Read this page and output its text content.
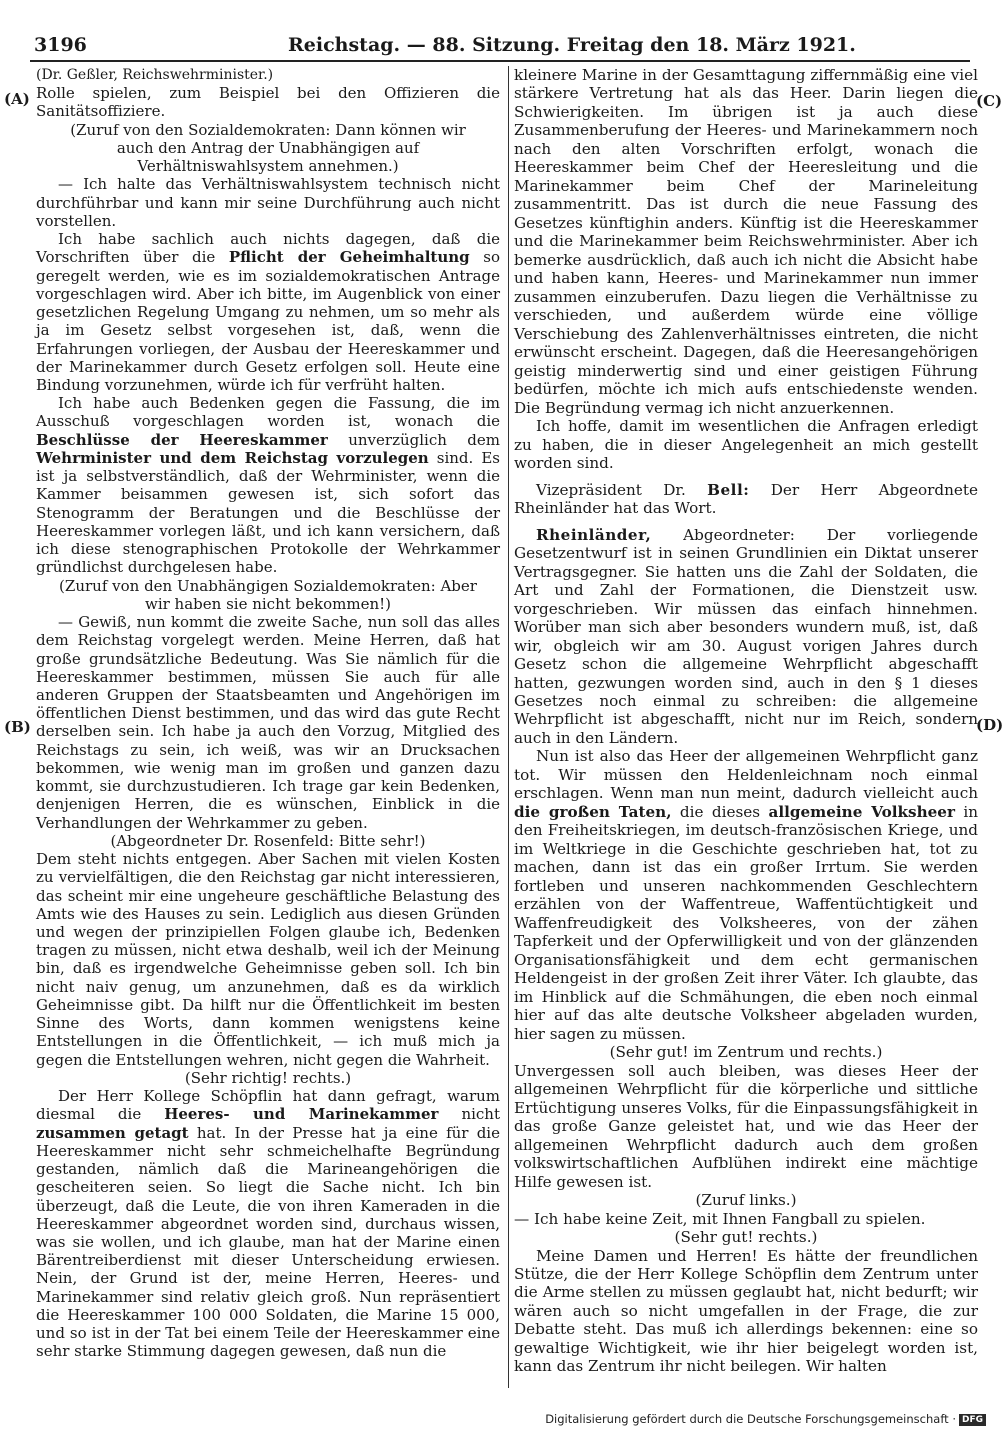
3196	Reichstag. — 88. Sitzung. Freitag den 18. März 1921.
(A)
(B)
(C)
(D)

(Dr. Geßler, Reichswehrminister.)

Rolle spielen, zum Beispiel bei den Offizieren die Sanitätsoffiziere.

(Zuruf von den Sozialdemokraten: Dann können wir auch den Antrag der Unabhängigen auf Verhältniswahlsystem annehmen.)

— Ich halte das Verhältniswahlsystem technisch nicht durchführbar und kann mir seine Durchführung auch nicht vorstellen.

Ich habe sachlich auch nichts dagegen, daß die Vorschriften über die Pflicht der Geheimhaltung so geregelt werden, wie es im sozialdemokratischen Antrage vorgeschlagen wird. Aber ich bitte, im Augenblick von einer gesetzlichen Regelung Umgang zu nehmen, um so mehr als ja im Gesetz selbst vorgesehen ist, daß, wenn die Erfahrungen vorliegen, der Ausbau der Heereskammer und der Marinekammer durch Gesetz erfolgen soll. Heute eine Bindung vorzunehmen, würde ich für verfrüht halten.

Ich habe auch Bedenken gegen die Fassung, die im Ausschuß vorgeschlagen worden ist, wonach die Beschlüsse der Heereskammer unverzüglich dem Wehrminister und dem Reichstag vorzulegen sind. Es ist ja selbstverständlich, daß der Wehrminister, wenn die Kammer beisammen gewesen ist, sich sofort das Stenogramm der Beratungen und die Beschlüsse der Heereskammer vorlegen läßt, und ich kann versichern, daß ich diese stenographischen Protokolle der Wehrkammer gründlichst durchgelesen habe.

(Zuruf von den Unabhängigen Sozialdemokraten: Aber wir haben sie nicht bekommen!)

— Gewiß, nun kommt die zweite Sache, nun soll das alles dem Reichstag vorgelegt werden. Meine Herren, daß hat große grundsätzliche Bedeutung. Was Sie nämlich für die Heereskammer bestimmen, müssen Sie auch für alle anderen Gruppen der Staatsbeamten und Angehörigen im öffentlichen Dienst bestimmen, und das wird das gute Recht derselben sein. Ich habe ja auch den Vorzug, Mitglied des Reichstags zu sein, ich weiß, was wir an Drucksachen bekommen, wie wenig man im großen und ganzen dazu kommt, sie durchzustudieren. Ich trage gar kein Bedenken, denjenigen Herren, die es wünschen, Einblick in die Verhandlungen der Wehrkammer zu geben.

(Abgeordneter Dr. Rosenfeld: Bitte sehr!)

Dem steht nichts entgegen. Aber Sachen mit vielen Kosten zu vervielfältigen, die den Reichstag gar nicht interessieren, das scheint mir eine ungeheure geschäftliche Belastung des Amts wie des Hauses zu sein. Lediglich aus diesen Gründen und wegen der prinzipiellen Folgen glaube ich, Bedenken tragen zu müssen, nicht etwa deshalb, weil ich der Meinung bin, daß es irgendwelche Geheimnisse geben soll. Ich bin nicht naiv genug, um anzunehmen, daß es da wirklich Geheimnisse gibt. Da hilft nur die Öffentlichkeit im besten Sinne des Worts, dann kommen wenigstens keine Entstellungen in die Öffentlichkeit, — ich muß mich ja gegen die Entstellungen wehren, nicht gegen die Wahrheit.

(Sehr richtig! rechts.)

Der Herr Kollege Schöpflin hat dann gefragt, warum diesmal die Heeres- und Marinekammer nicht zusammen getagt hat. In der Presse hat ja eine für die Heereskammer nicht sehr schmeichelhafte Begründung gestanden, nämlich daß die Marineangehörigen die gescheiteren seien. So liegt die Sache nicht. Ich bin überzeugt, daß die Leute, die von ihren Kameraden in die Heereskammer abgeordnet worden sind, durchaus wissen, was sie wollen, und ich glaube, man hat der Marine einen Bärentreiberdienst mit dieser Unterscheidung erwiesen. Nein, der Grund ist der, meine Herren, Heeres- und Marinekammer sind relativ gleich groß. Nun repräsentiert die Heereskammer 100 000 Soldaten, die Marine 15 000, und so ist in der Tat bei einem Teile der Heereskammer eine sehr starke Stimmung dagegen gewesen, daß nun die

kleinere Marine in der Gesamttagung ziffernmäßig eine viel stärkere Vertretung hat als das Heer. Darin liegen die Schwierigkeiten. Im übrigen ist ja auch diese Zusammenberufung der Heeres- und Marinekammern noch nach den alten Vorschriften erfolgt, wonach die Heereskammer beim Chef der Heeresleitung und die Marinekammer beim Chef der Marineleitung zusammentritt. Das ist durch die neue Fassung des Gesetzes künftighin anders. Künftig ist die Heereskammer und die Marinekammer beim Reichswehrminister. Aber ich bemerke ausdrücklich, daß auch ich nicht die Absicht habe und haben kann, Heeres- und Marinekammer nun immer zusammen einzuberufen. Dazu liegen die Verhältnisse zu verschieden, und außerdem würde eine völlige Verschiebung des Zahlenverhältnisses eintreten, die nicht erwünscht erscheint. Dagegen, daß die Heeresangehörigen geistig minderwertig sind und einer geistigen Führung bedürfen, möchte ich mich aufs entschiedenste wenden. Die Begründung vermag ich nicht anzuerkennen.

Ich hoffe, damit im wesentlichen die Anfragen erledigt zu haben, die in dieser Angelegenheit an mich gestellt worden sind.

Vizepräsident Dr. Bell: Der Herr Abgeordnete Rheinländer hat das Wort.

Rheinländer, Abgeordneter: Der vorliegende Gesetzentwurf ist in seinen Grundlinien ein Diktat unserer Vertragsgegner. Sie hatten uns die Zahl der Soldaten, die Art und Zahl der Formationen, die Dienstzeit usw. vorgeschrieben. Wir müssen das einfach hinnehmen. Worüber man sich aber besonders wundern muß, ist, daß wir, obgleich wir am 30. August vorigen Jahres durch Gesetz schon die allgemeine Wehrpflicht abgeschafft hatten, gezwungen worden sind, auch in den § 1 dieses Gesetzes noch einmal zu schreiben: die allgemeine Wehrpflicht ist abgeschafft, nicht nur im Reich, sondern auch in den Ländern.

Nun ist also das Heer der allgemeinen Wehrpflicht ganz tot. Wir müssen den Heldenleichnam noch einmal erschlagen. Wenn man nun meint, dadurch vielleicht auch die großen Taten, die dieses allgemeine Volksheer in den Freiheitskriegen, im deutsch-französischen Kriege, und im Weltkriege in die Geschichte geschrieben hat, tot zu machen, dann ist das ein großer Irrtum. Sie werden fortleben und unseren nachkommenden Geschlechtern erzählen von der Waffentreue, Waffentüchtigkeit und Waffenfreudigkeit des Volksheeres, von der zähen Tapferkeit und der Opferwilligkeit und von der glänzenden Organisationsfähigkeit und dem echt germanischen Heldengeist in der großen Zeit ihrer Väter. Ich glaubte, das im Hinblick auf die Schmähungen, die eben noch einmal hier auf das alte deutsche Volksheer abgeladen wurden, hier sagen zu müssen.

(Sehr gut! im Zentrum und rechts.)

Unvergessen soll auch bleiben, was dieses Heer der allgemeinen Wehrpflicht für die körperliche und sittliche Ertüchtigung unseres Volks, für die Einpassungsfähigkeit in das große Ganze geleistet hat, und wie das Heer der allgemeinen Wehrpflicht dadurch auch dem großen volkswirtschaftlichen Aufblühen indirekt eine mächtige Hilfe gewesen ist.

(Zuruf links.)

— Ich habe keine Zeit, mit Ihnen Fangball zu spielen.

(Sehr gut! rechts.)

Meine Damen und Herren! Es hätte der freundlichen Stütze, die der Herr Kollege Schöpflin dem Zentrum unter die Arme stellen zu müssen geglaubt hat, nicht bedurft; wir wären auch so nicht umgefallen in der Frage, die zur Debatte steht. Das muß ich allerdings bekennen: eine so gewaltige Wichtigkeit, wie ihr hier beigelegt worden ist, kann das Zentrum ihr nicht beilegen. Wir halten

Digitalisierung gefördert durch die Deutsche Forschungsgemeinschaft · DFG
